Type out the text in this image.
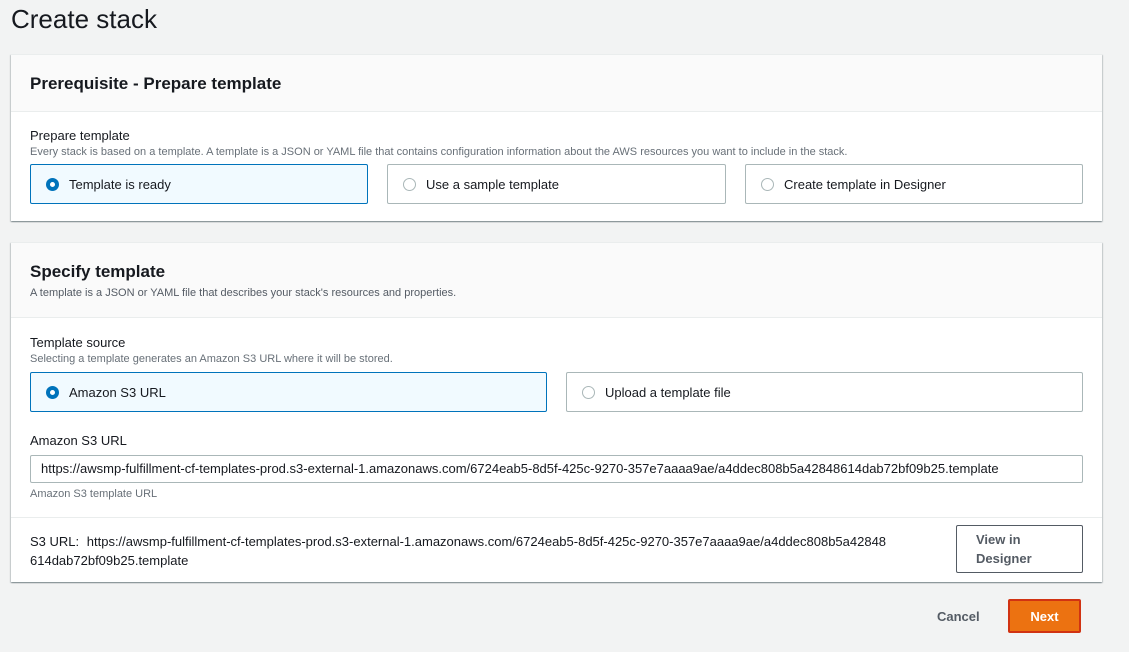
Create stack
Prerequisite - Prepare template
Prepare template
Every stack is based on a template. A template is a JSON or YAML file that contains configuration information about the AWS resources you want to include in the stack.
Template is ready	Use a sample template	Create template in Designer
Specify template
A template is a JSON or YAML file that describes your stack's resources and properties.
Template source
Selecting a template generates an Amazon S3 URL where it will be stored.
Amazon S3 URL	Upload a template file
Amazon S3 URL
https://awsmp-fulfillment-cf-templates-prod.s3-external-1.amazonaws.com/6724eab5-8d5f-425c-9270-357e7aaaa9ae/a4ddec808b5a42848614dab72bf09b25.template
Amazon S3 template URL
S3 URL: https://awsmp-fulfillment-cf-templates-prod.s3-external-1.amazonaws.com/6724eab5-8d5f-425c-9270-357e7aaaa9ae/a4ddec808b5a42848
614dab72bf09b25.template
View in
Designer
Cancel	Next
